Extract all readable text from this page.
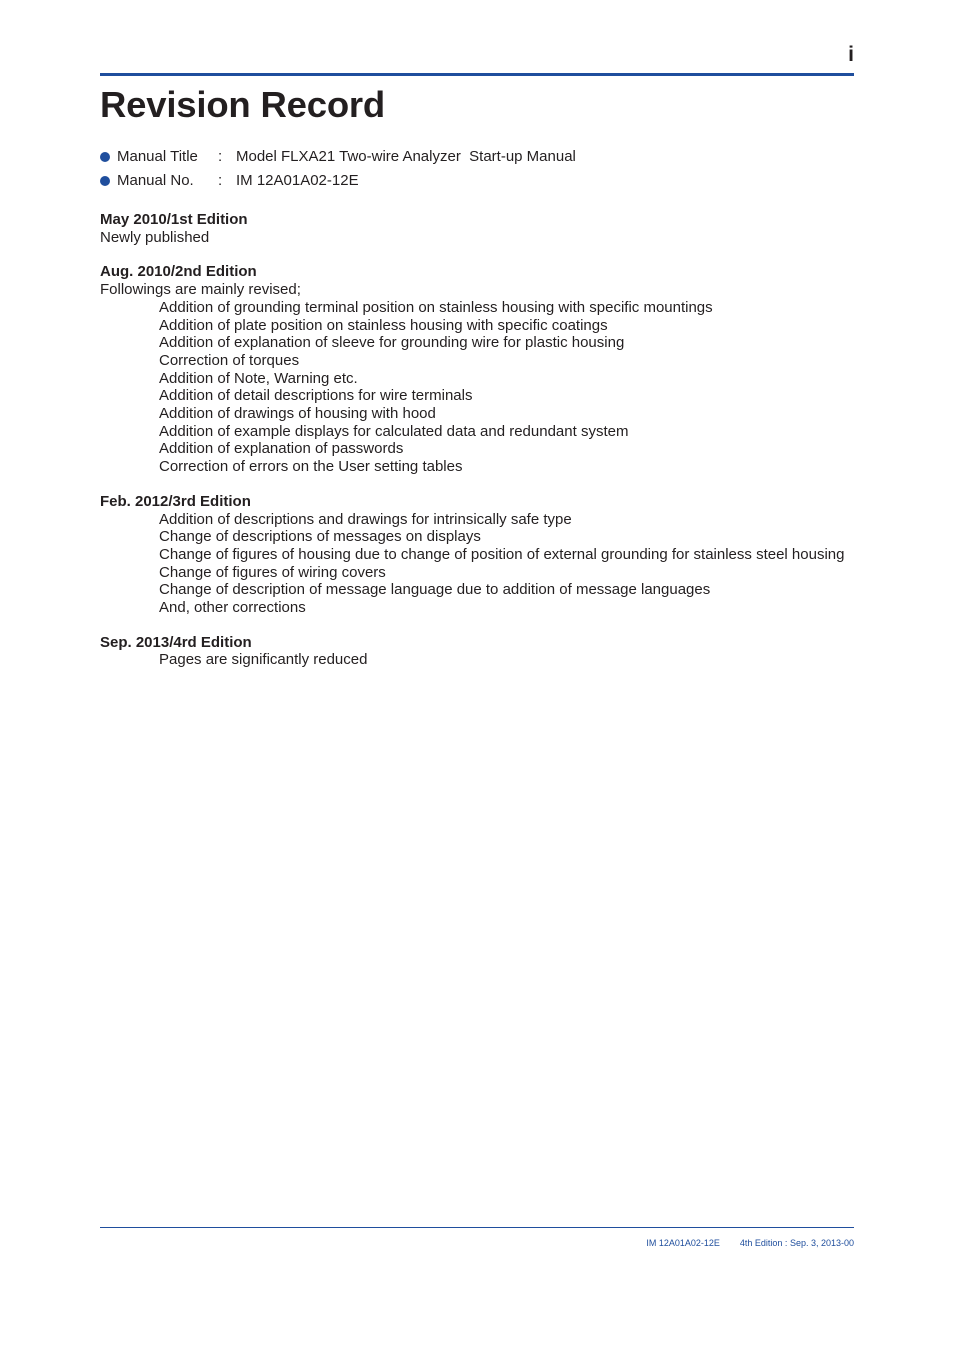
i
Revision Record
Manual Title	: Model FLXA21 Two-wire Analyzer  Start-up Manual
Manual No.	: IM 12A01A02-12E
May 2010/1st Edition
Newly published
Aug. 2010/2nd Edition
Followings are mainly revised;
Addition of grounding terminal position on stainless housing with specific mountings
Addition of plate position on stainless housing with specific coatings
Addition of explanation of sleeve for grounding wire for plastic housing
Correction of torques
Addition of Note, Warning etc.
Addition of detail descriptions for wire terminals
Addition of drawings of housing with hood
Addition of example displays for calculated data and redundant system
Addition of explanation of passwords
Correction of errors on the User setting tables
Feb. 2012/3rd Edition
Addition of descriptions and drawings for intrinsically safe type
Change of descriptions of messages on displays
Change of figures of housing due to change of position of external grounding for stainless steel housing
Change of figures of wiring covers
Change of description of message language due to addition of message languages
And, other corrections
Sep. 2013/4rd Edition
Pages are significantly reduced
IM 12A01A02-12E 4th Edition : Sep. 3, 2013-00
